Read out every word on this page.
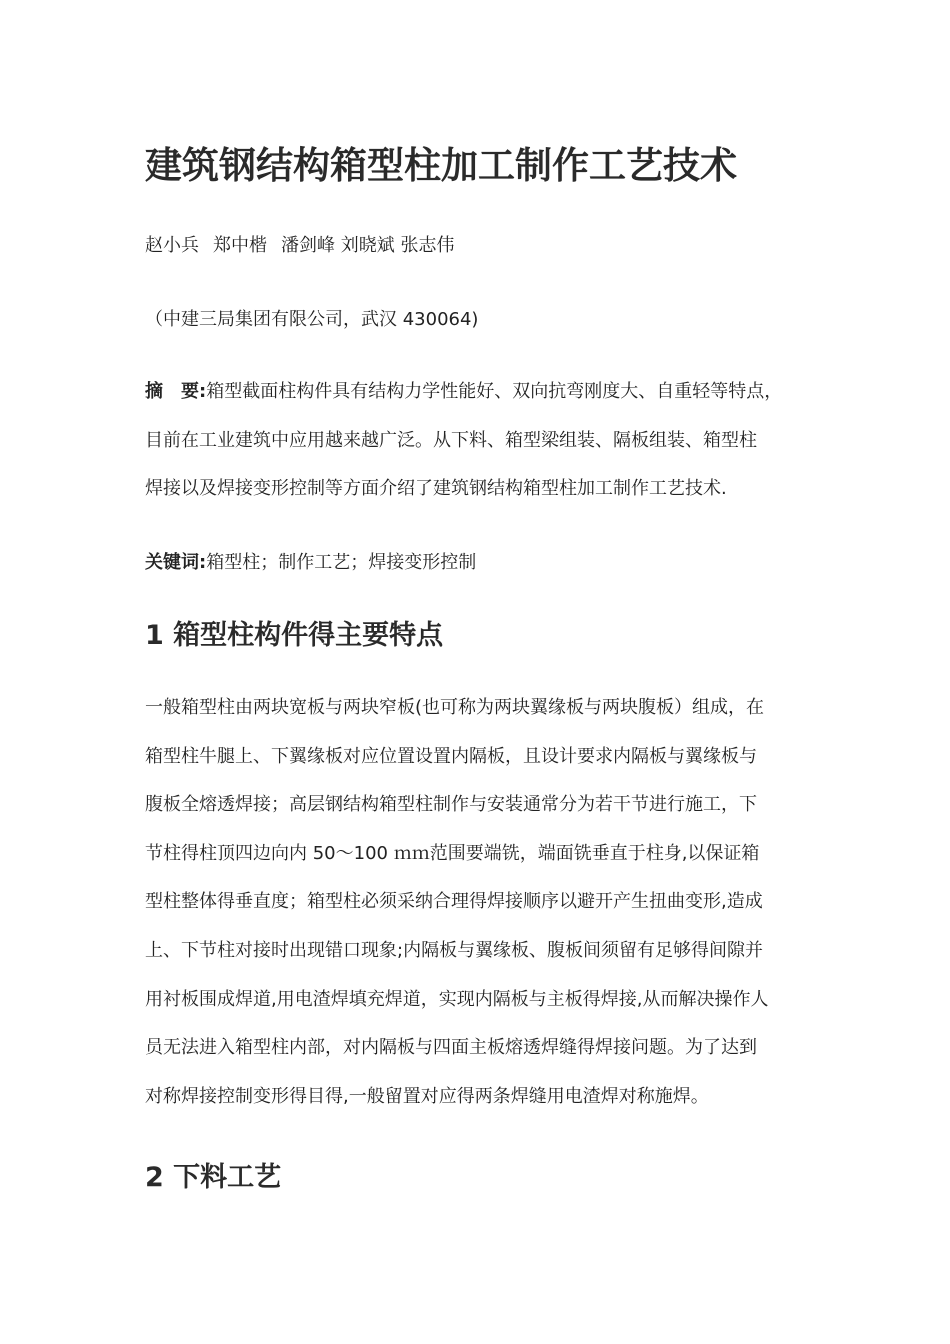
建筑钢结构箱型柱加工制作工艺技术
赵小兵 郑中楷 潘剑峰 刘晓斌 张志伟
（中建三局集团有限公司，武汉 430064)
摘　要:箱型截面柱构件具有结构力学性能好、双向抗弯刚度大、自重轻等特点，
目前在工业建筑中应用越来越广泛。从下料、箱型梁组装、隔板组装、箱型柱
焊接以及焊接变形控制等方面介绍了建筑钢结构箱型柱加工制作工艺技术.
关键词:箱型柱；制作工艺；焊接变形控制
1 箱型柱构件得主要特点
一般箱型柱由两块宽板与两块窄板(也可称为两块翼缘板与两块腹板）组成，在
箱型柱牛腿上、下翼缘板对应位置设置内隔板，且设计要求内隔板与翼缘板与
腹板全熔透焊接；高层钢结构箱型柱制作与安装通常分为若干节进行施工，下
节柱得柱顶四边向内 50～100 ｍｍ范围要端铣，端面铣垂直于柱身,以保证箱
型柱整体得垂直度；箱型柱必须采纳合理得焊接顺序以避开产生扭曲变形,造成
上、下节柱对接时出现错口现象;内隔板与翼缘板、腹板间须留有足够得间隙并
用衬板围成焊道,用电渣焊填充焊道，实现内隔板与主板得焊接,从而解决操作人
员无法进入箱型柱内部，对内隔板与四面主板熔透焊缝得焊接问题。为了达到
对称焊接控制变形得目得,一般留置对应得两条焊缝用电渣焊对称施焊。
2 下料工艺
